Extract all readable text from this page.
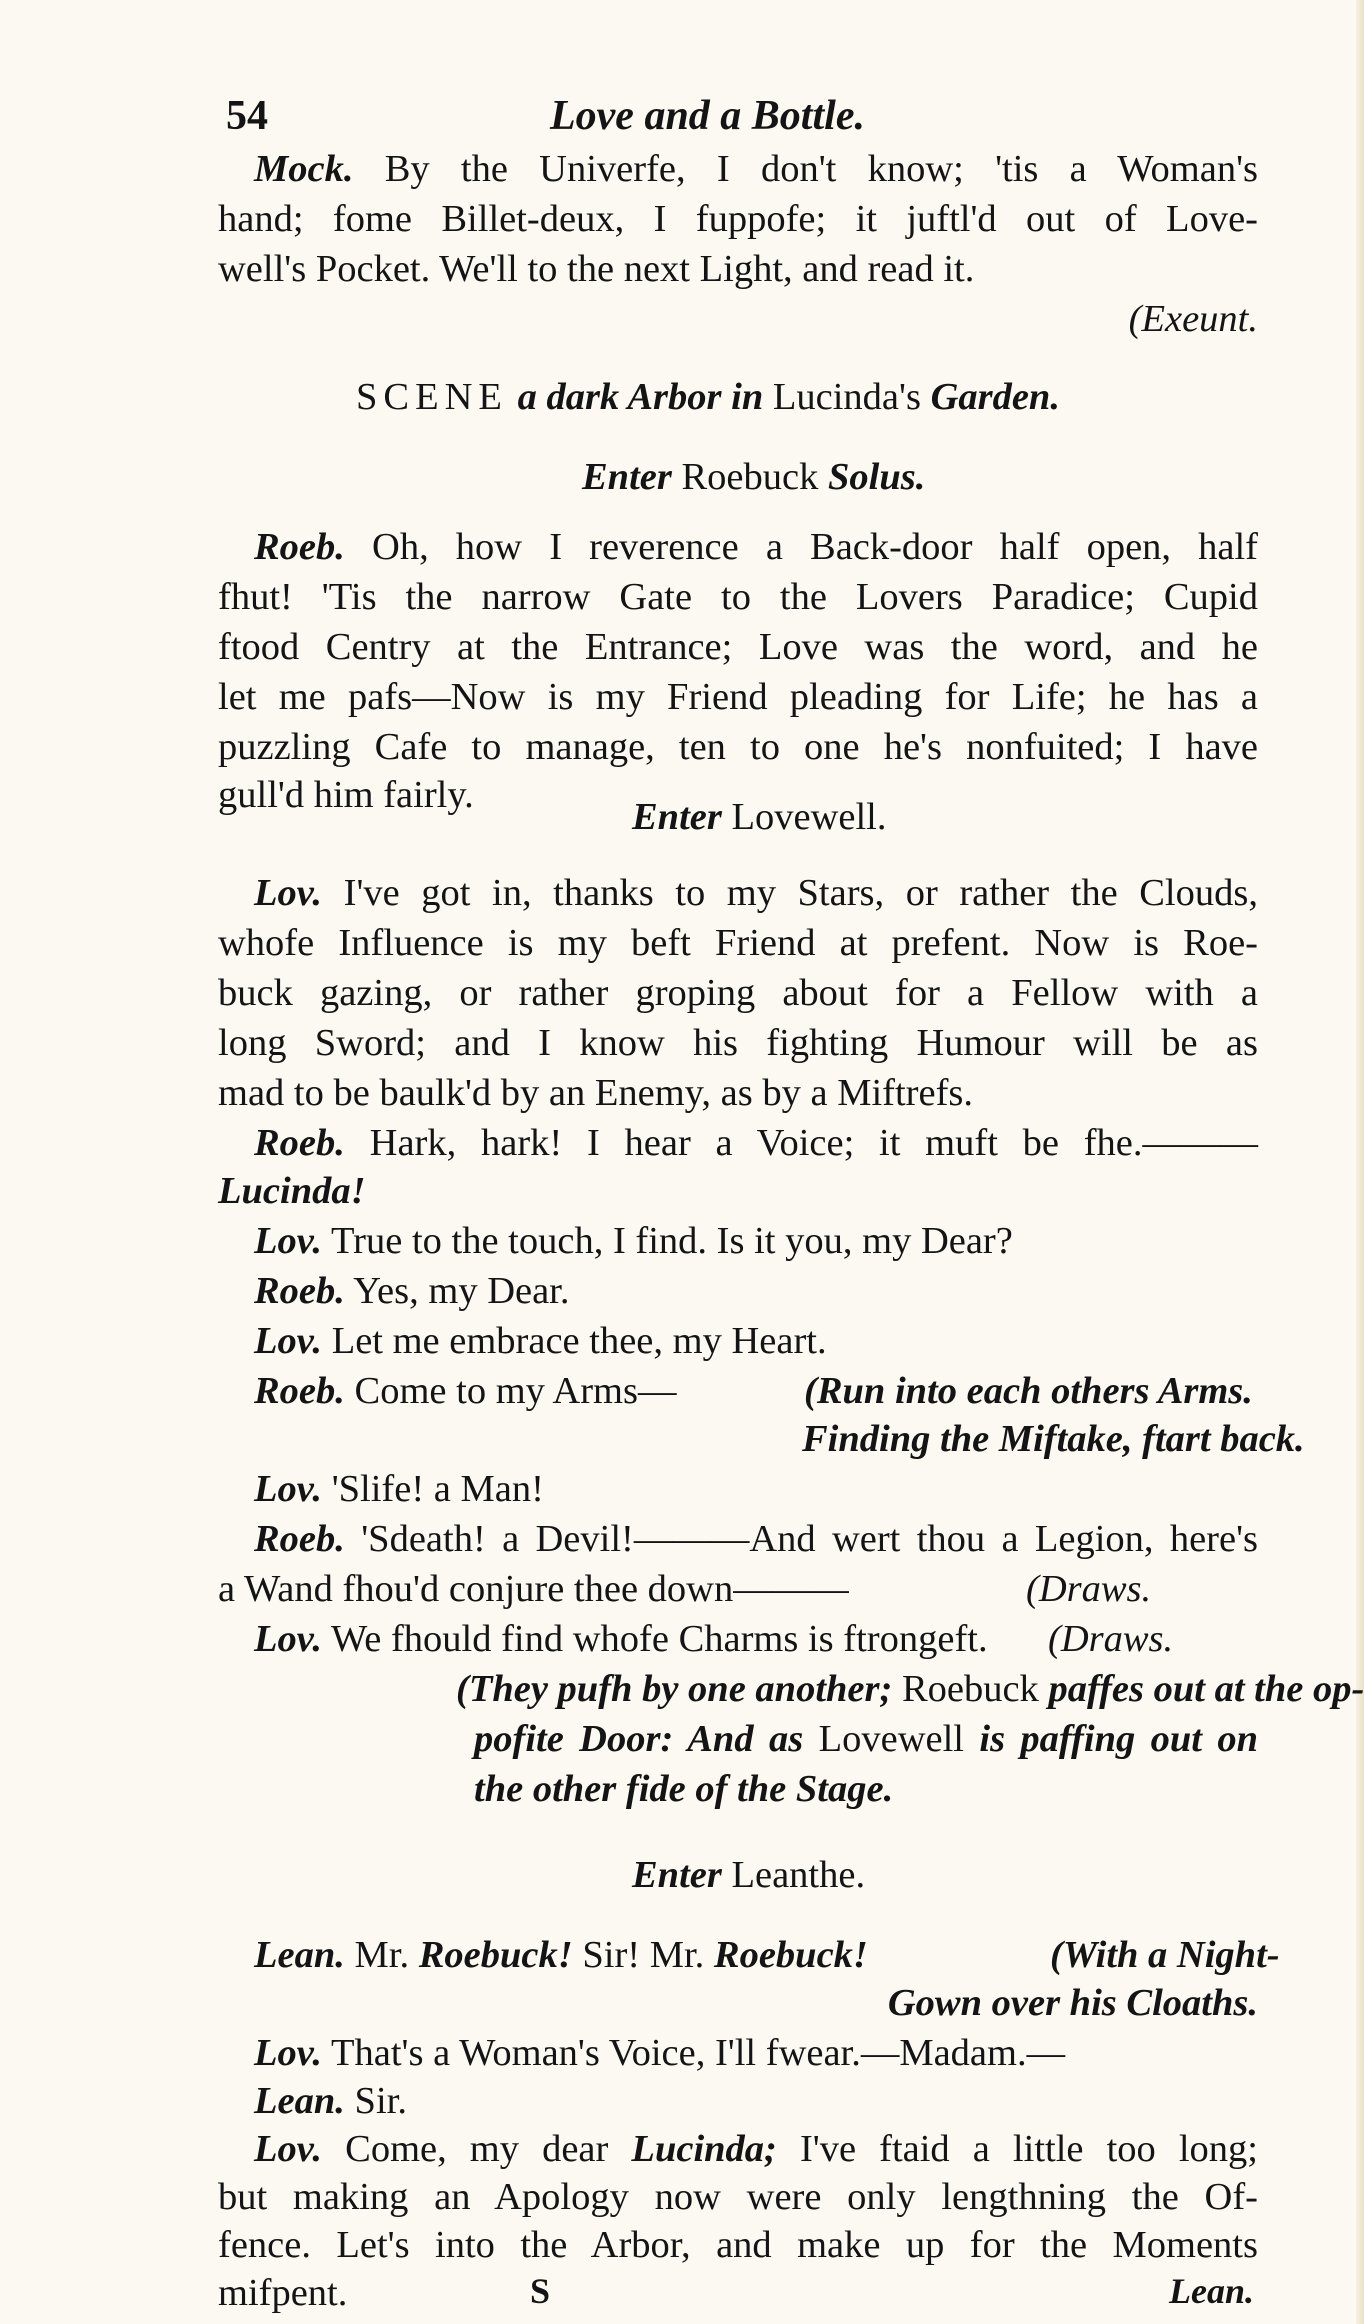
54	Love and a Bottle.
Mock. By the Univerfe, I don't know; 'tis a Woman's
hand; fome Billet-deux, I fuppofe; it juftl'd out of Love-
well's Pocket. We'll to the next Light, and read it.
(Exeunt.
SCENE a dark Arbor in Lucinda's Garden.
Enter Roebuck Solus.
Roeb. Oh, how I reverence a Back-door half open, half
fhut! 'Tis the narrow Gate to the Lovers Paradice; Cupid
ftood Centry at the Entrance; Love was the word, and he
let me pafs—Now is my Friend pleading for Life; he has a
puzzling Cafe to manage, ten to one he's nonfuited; I have
gull'd him fairly.
Enter Lovewell.
Lov. I've got in, thanks to my Stars, or rather the Clouds,
whofe Influence is my beft Friend at prefent. Now is Roe-
buck gazing, or rather groping about for a Fellow with a
long Sword; and I know his fighting Humour will be as
mad to be baulk'd by an Enemy, as by a Miftrefs.
Roeb. Hark, hark! I hear a Voice; it muft be fhe.———
Lucinda!
Lov. True to the touch, I find. Is it you, my Dear?
Roeb. Yes, my Dear.
Lov. Let me embrace thee, my Heart.
Roeb. Come to my Arms—	(Run into each others Arms.
Finding the Miftake, ftart back.
Lov. 'Slife! a Man!
Roeb. 'Sdeath! a Devil!———And wert thou a Legion, here's
a Wand fhou'd conjure thee down———	(Draws.
Lov. We fhould find whofe Charms is ftrongeft. (Draws.
(They pufh by one another; Roebuck paffes out at the op-
pofite Door: And as Lovewell is paffing out on
the other fide of the Stage.
Enter Leanthe.
Lean. Mr. Roebuck! Sir! Mr. Roebuck!	(With a Night-
Gown over his Cloaths.
Lov. That's a Woman's Voice, I'll fwear.—Madam.—
Lean. Sir.
Lov. Come, my dear Lucinda; I've ftaid a little too long;
but making an Apology now were only lengthning the Of-
fence. Let's into the Arbor, and make up for the Moments
mifpent.	S	Lean.
